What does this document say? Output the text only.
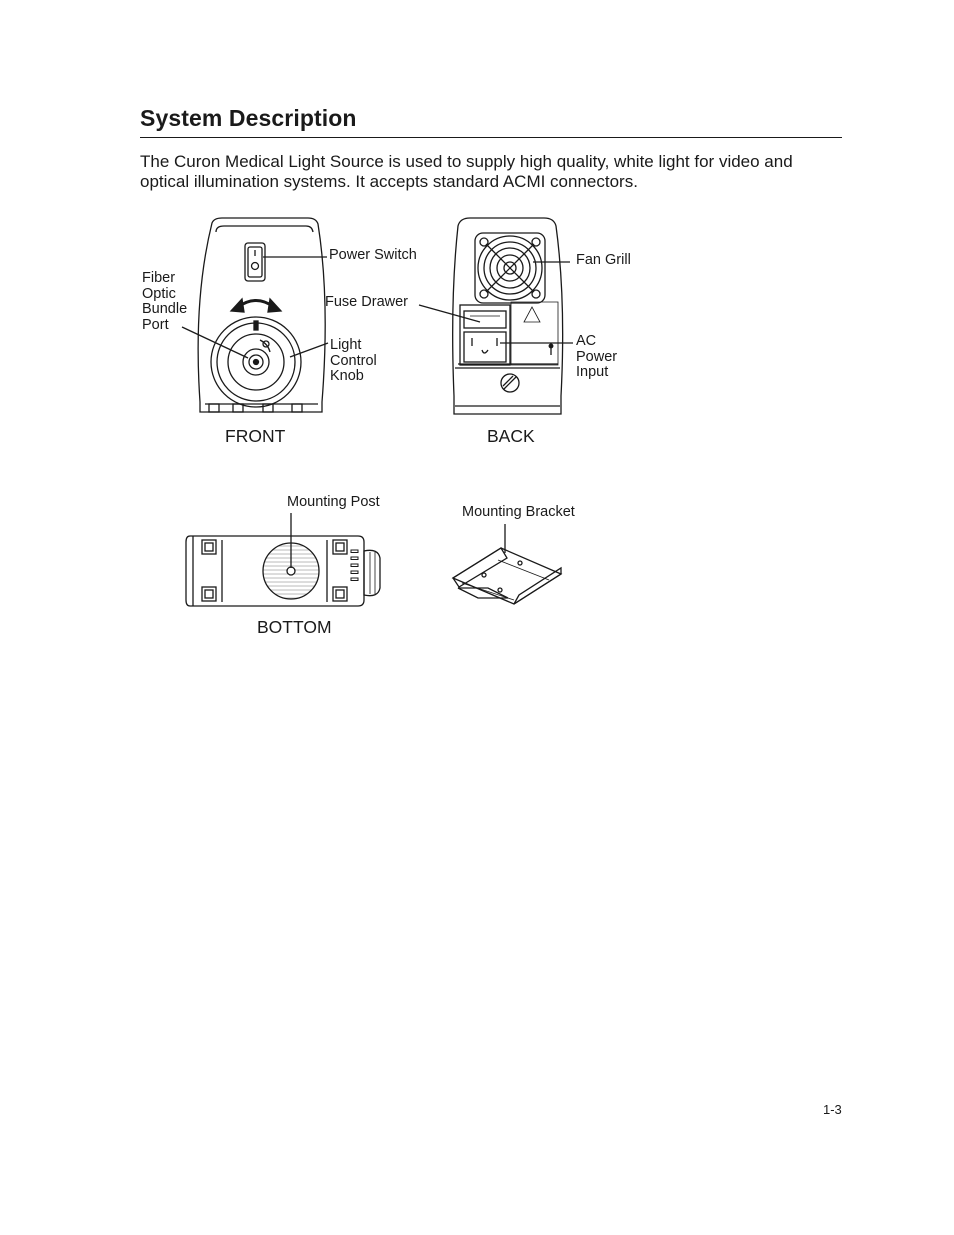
System Description

The Curon Medical Light Source is used to supply high quality, white light for video and optical illumination systems. It accepts standard ACMI connectors.

Fiber
Optic
Bundle
Port
Power Switch
Fuse Drawer
Light
Control
Knob
Fan Grill
AC
Power
Input
FRONT	BACK
Mounting Post
Mounting Bracket
BOTTOM
1-3
